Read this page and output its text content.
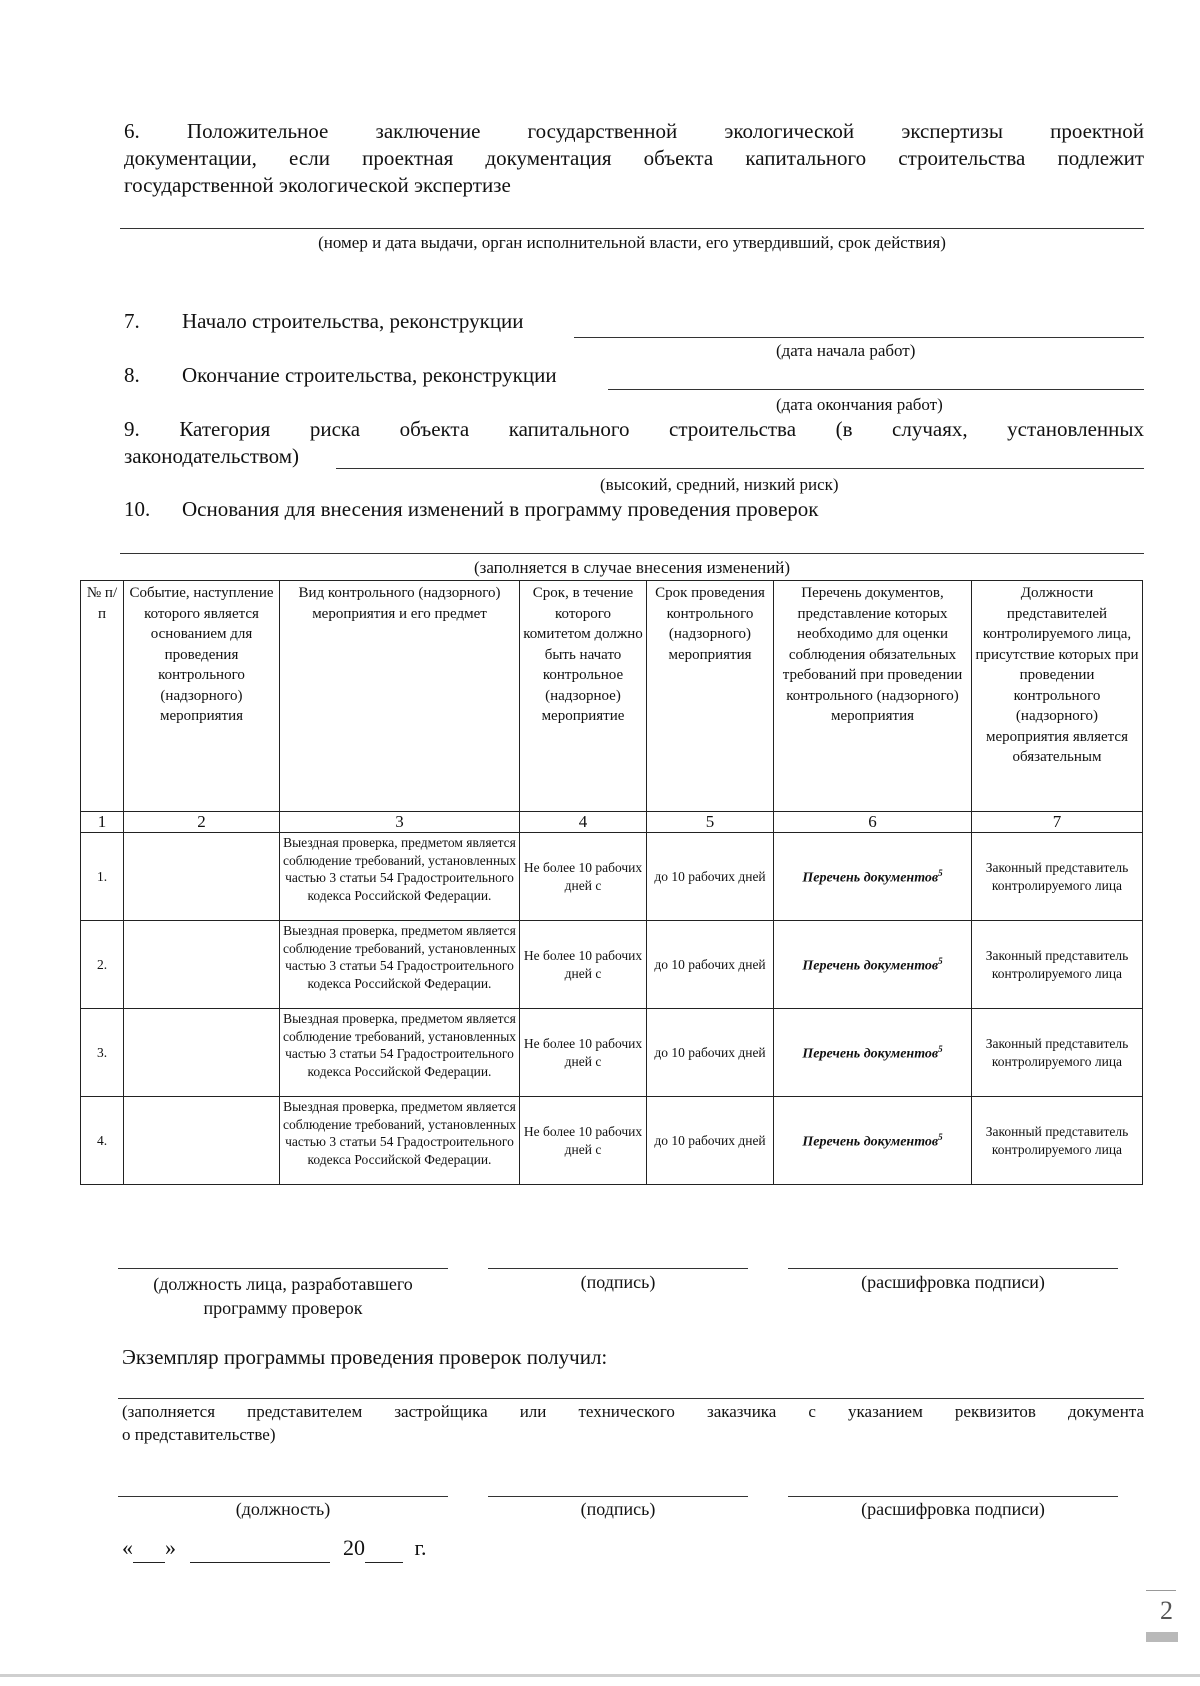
6. Положительное заключение государственной экологической экспертизы проектной
документации, если проектная документация объекта капитального строительства подлежит
государственной экологической экспертизе
(номер и дата выдачи, орган исполнительной власти, его утвердивший, срок действия)
7. Начало строительства, реконструкции
(дата начала работ)
8. Окончание строительства, реконструкции
(дата окончания работ)
9. Категория риска объекта капитального строительства (в случаях, установленных
законодательством)
(высокий, средний, низкий риск)
10. Основания для внесения изменений в программу проведения проверок
(заполняется в случае внесения изменений)
№ п/п	Событие, наступление которого является основанием для проведения контрольного (надзорного) мероприятия	Вид контрольного (надзорного) мероприятия и его предмет	Срок, в течение которого комитетом должно быть начато контрольное (надзорное) мероприятие	Срок проведения контрольного (надзорного) мероприятия	Перечень документов, представление которых необходимо для оценки соблюдения обязательных требований при проведении контрольного (надзорного) мероприятия	Должности представителей контролируемого лица, присутствие которых при проведении контрольного (надзорного) мероприятия является обязательным
1	2	3	4	5	6	7
1.		Выездная проверка, предметом является соблюдение требований, установленных частью 3 статьи 54 Градостроительного кодекса Российской Федерации.	Не более 10 рабочих дней с	до 10 рабочих дней	Перечень документов$^5$	Законный представитель контролируемого лица
2.		Выездная проверка, предметом является соблюдение требований, установленных частью 3 статьи 54 Градостроительного кодекса Российской Федерации.	Не более 10 рабочих дней с	до 10 рабочих дней	Перечень документов$^5$	Законный представитель контролируемого лица
3.		Выездная проверка, предметом является соблюдение требований, установленных частью 3 статьи 54 Градостроительного кодекса Российской Федерации.	Не более 10 рабочих дней с	до 10 рабочих дней	Перечень документов$^5$	Законный представитель контролируемого лица
4.		Выездная проверка, предметом является соблюдение требований, установленных частью 3 статьи 54 Градостроительного кодекса Российской Федерации.	Не более 10 рабочих дней с	до 10 рабочих дней	Перечень документов$^5$	Законный представитель контролируемого лица
(должность лица, разработавшего программу проверок
(подпись)	(расшифровка подписи)
Экземпляр программы проведения проверок получил:
(заполняется представителем застройщика или технического заказчика с указанием реквизитов документа
о представительстве)
(должность)	(подпись)	(расшифровка подписи)
« »	20 г.
2
